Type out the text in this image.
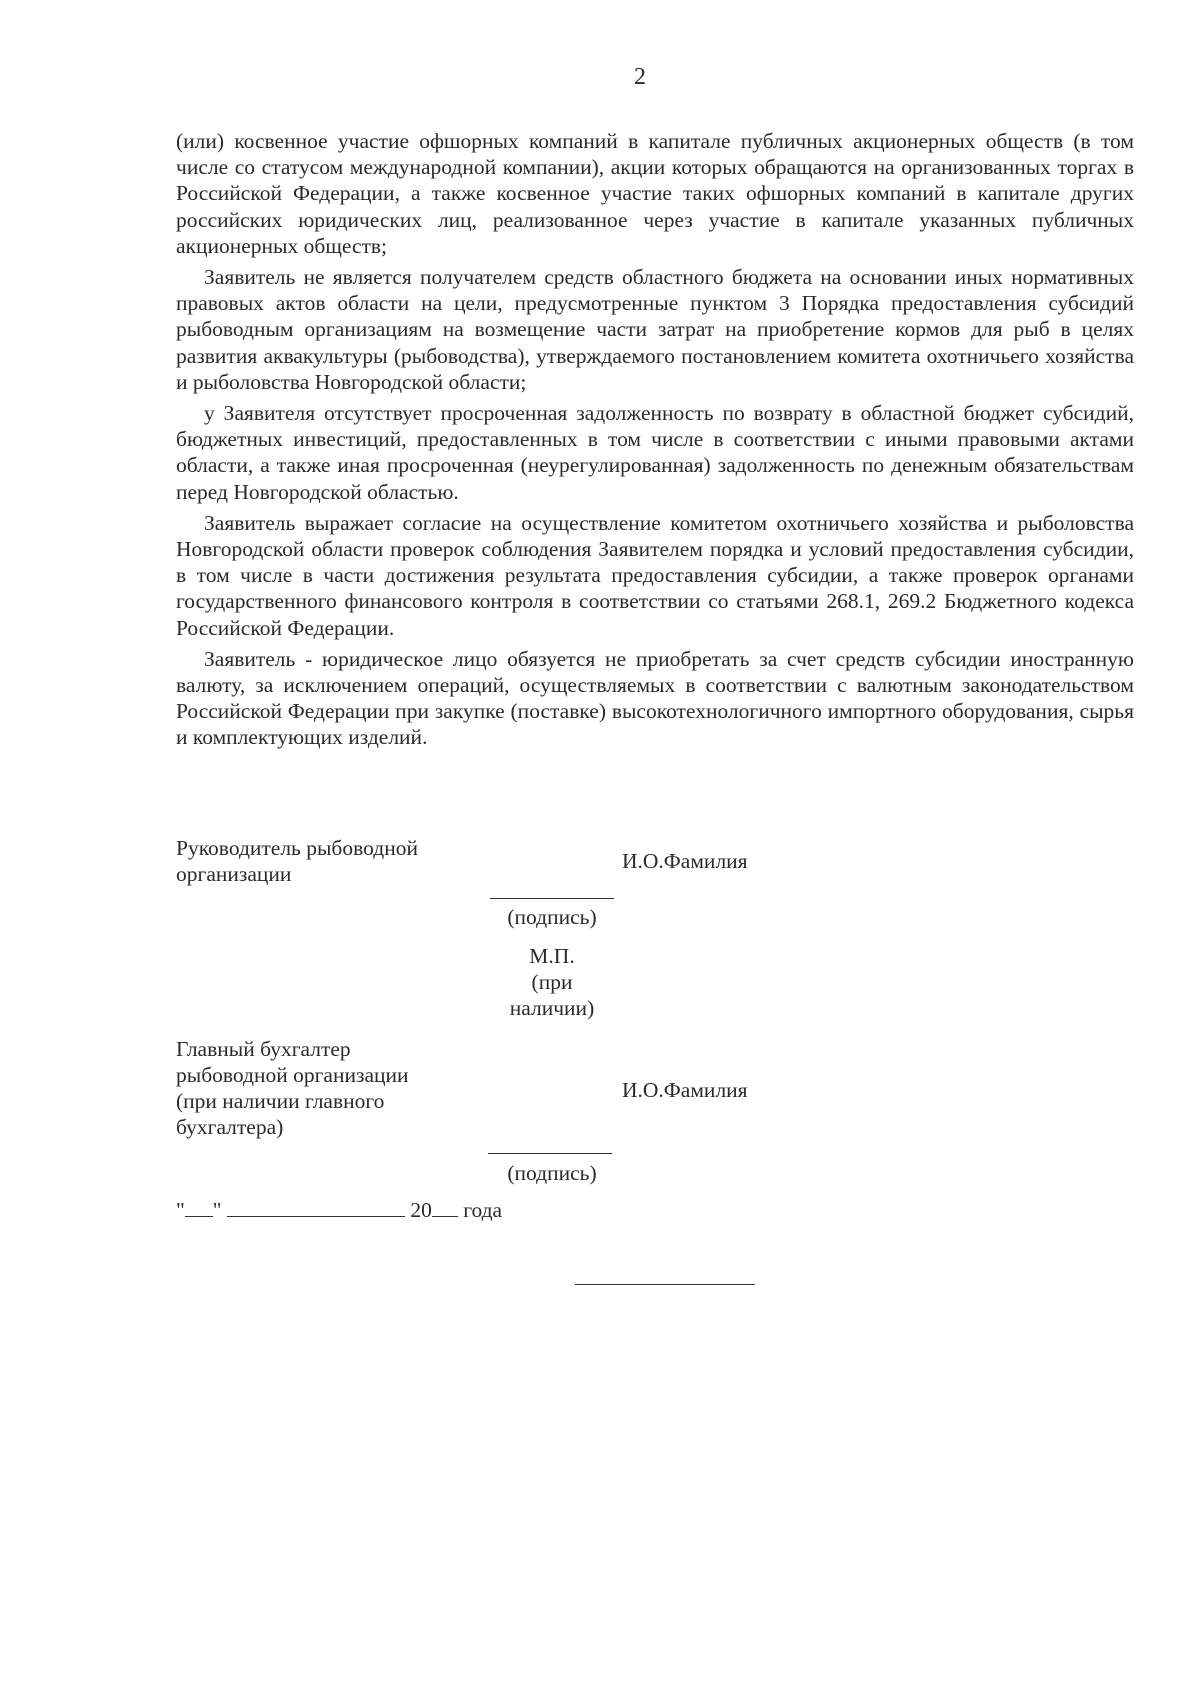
2

(или) косвенное участие офшорных компаний в капитале публичных акционерных обществ (в том числе со статусом международной компании), акции которых обращаются на организованных торгах в Российской Федерации, а также косвенное участие таких офшорных компаний в капитале других российских юридических лиц, реализованное через участие в капитале указанных публичных акционерных обществ;

Заявитель не является получателем средств областного бюджета на основании иных нормативных правовых актов области на цели, предусмотренные пунктом 3 Порядка предоставления субсидий рыбоводным организациям на возмещение части затрат на приобретение кормов для рыб в целях развития аквакультуры (рыбоводства), утверждаемого постановлением комитета охотничьего хозяйства и рыболовства Новгородской области;

у Заявителя отсутствует просроченная задолженность по возврату в областной бюджет субсидий, бюджетных инвестиций, предоставленных в том числе в соответствии с иными правовыми актами области, а также иная просроченная (неурегулированная) задолженность по денежным обязательствам перед Новгородской областью.

Заявитель выражает согласие на осуществление комитетом охотничьего хозяйства и рыболовства Новгородской области проверок соблюдения Заявителем порядка и условий предоставления субсидии, в том числе в части достижения результата предоставления субсидии, а также проверок органами государственного финансового контроля в соответствии со статьями 268.1, 269.2 Бюджетного кодекса Российской Федерации.

Заявитель - юридическое лицо обязуется не приобретать за счет средств субсидии иностранную валюту, за исключением операций, осуществляемых в соответствии с валютным законодательством Российской Федерации при закупке (поставке) высокотехнологичного импортного оборудования, сырья и комплектующих изделий.

Руководитель рыбоводной
организации
И.О.Фамилия
(подпись)
М.П.
(при
наличии)
Главный бухгалтер
рыбоводной организации
(при наличии главного
бухгалтера)
И.О.Фамилия
(подпись)
" "	20 года
